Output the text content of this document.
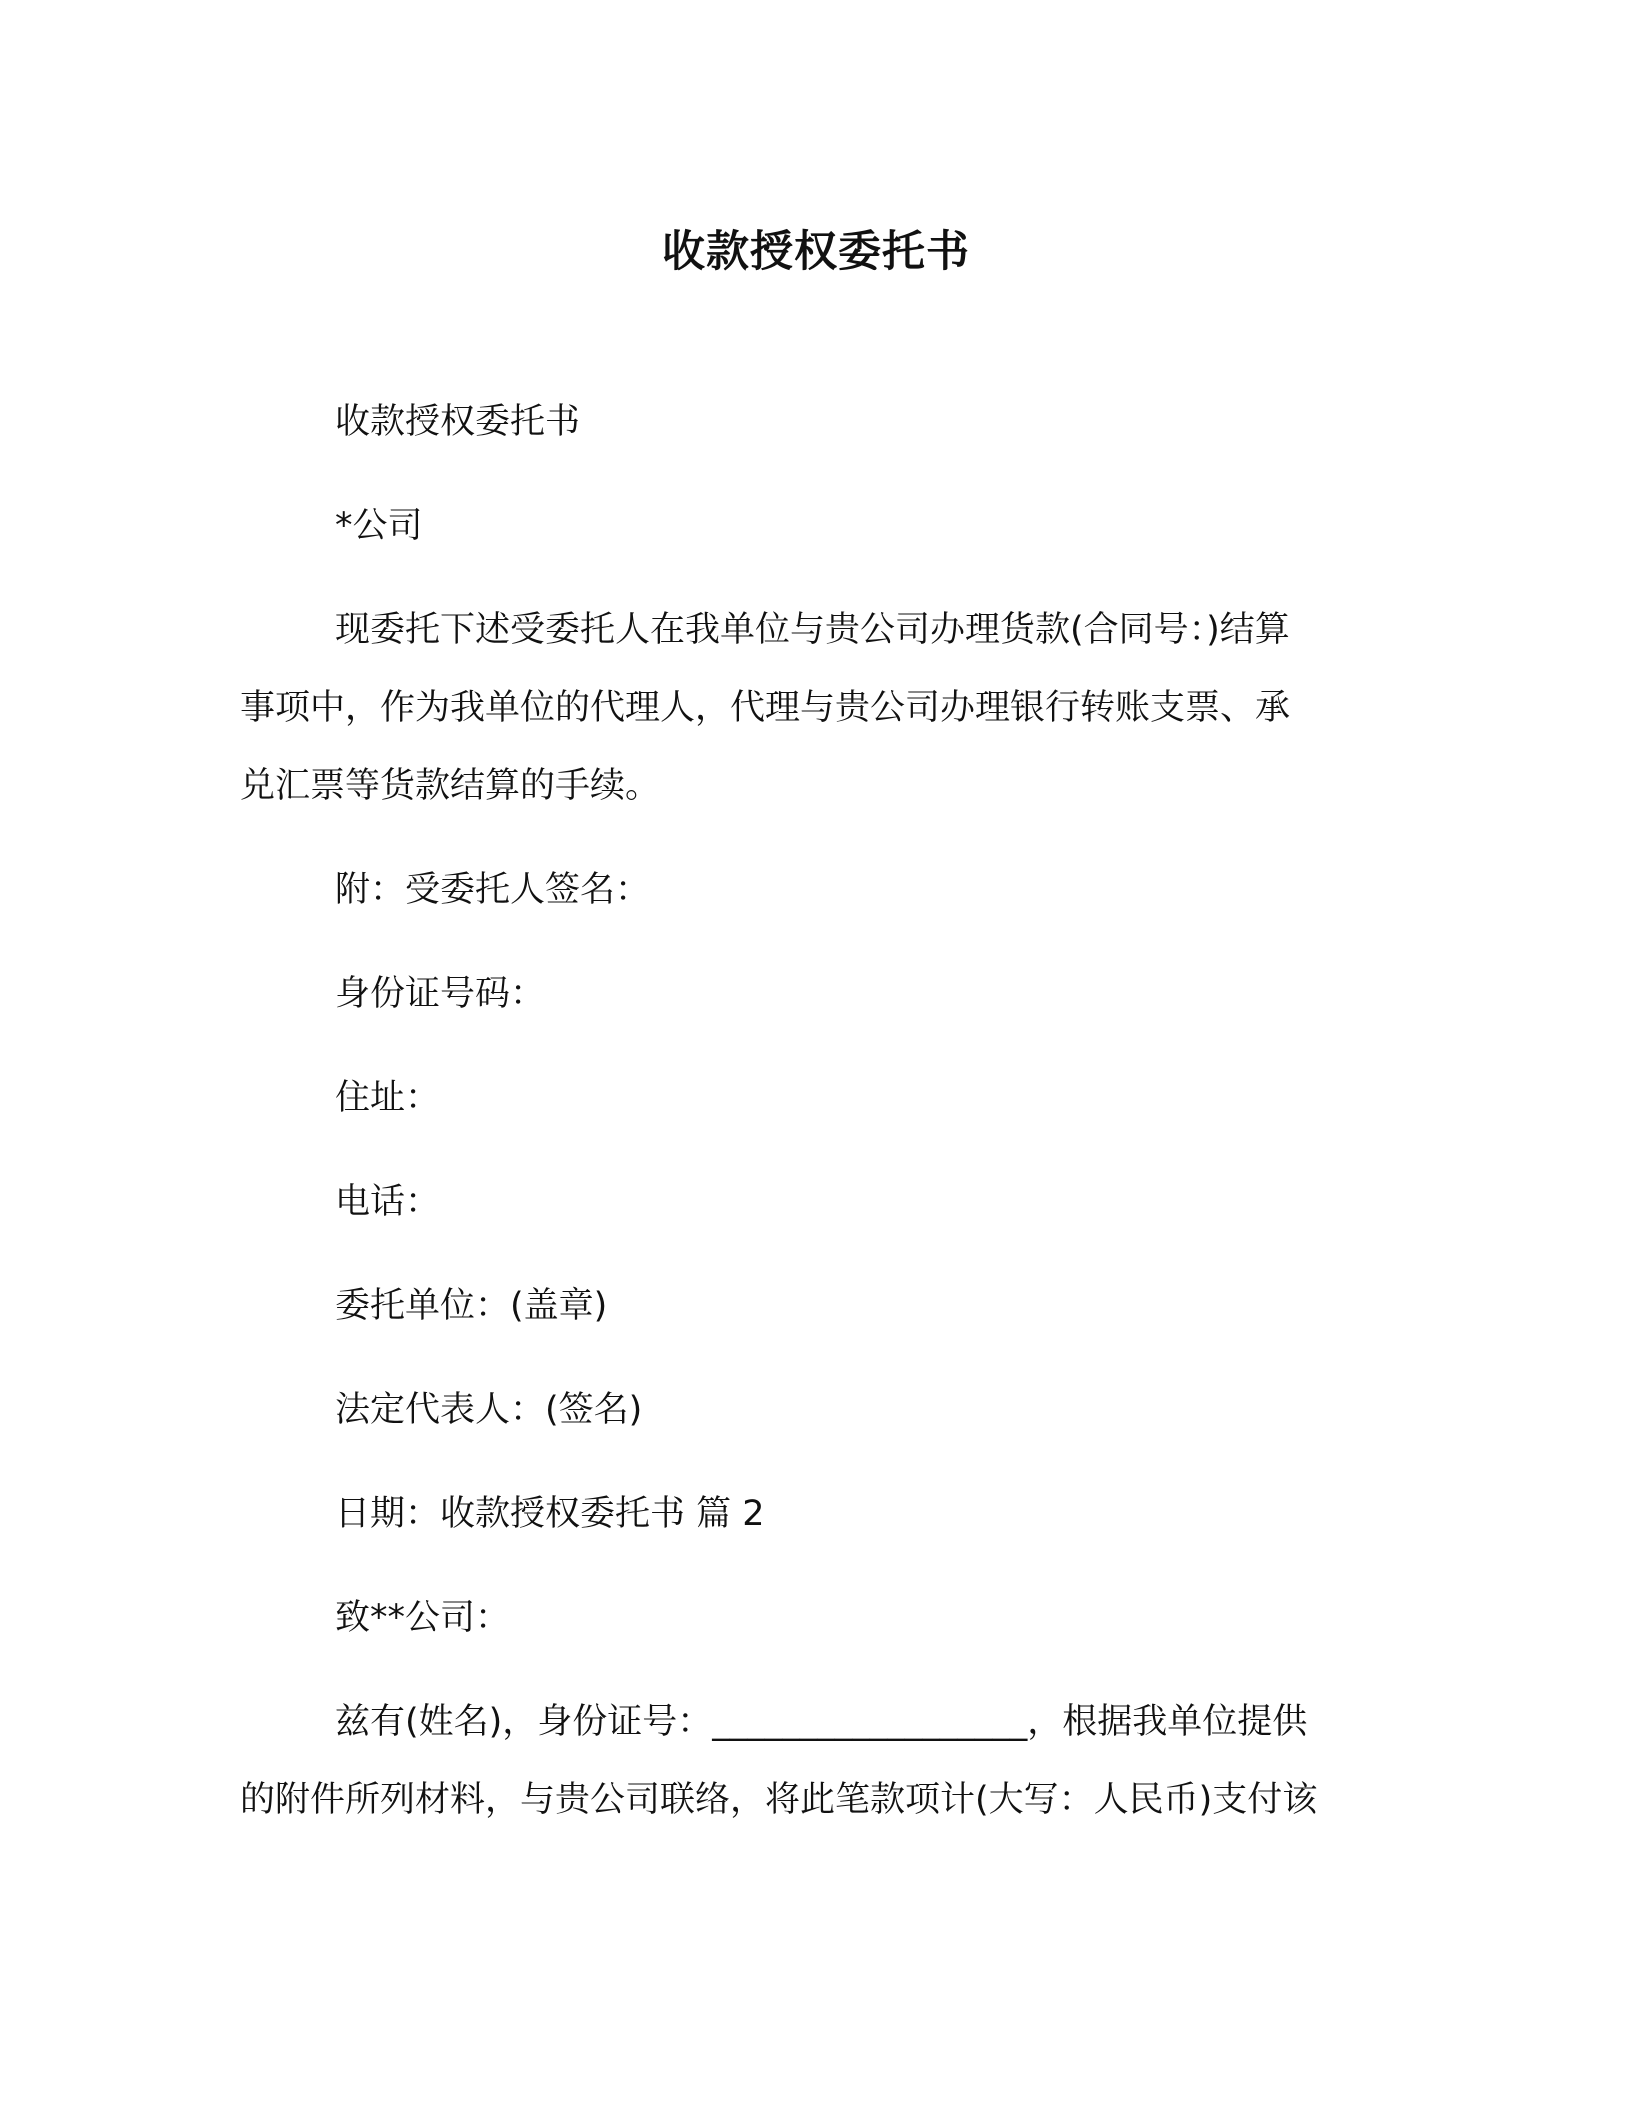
收款授权委托书
收款授权委托书
*公司
现委托下述受委托人在我单位与贵公司办理货款(合同号：)结算
事项中，作为我单位的代理人，代理与贵公司办理银行转账支票、承
兑汇票等货款结算的手续。
附：受委托人签名：
身份证号码：
住址：
电话：
委托单位：(盖章)
法定代表人：(签名)
日期：收款授权委托书 篇 2
致**公司：
兹有(姓名)，身份证号：__________________，根据我单位提供
的附件所列材料，与贵公司联络，将此笔款项计(大写：人民币)支付该
